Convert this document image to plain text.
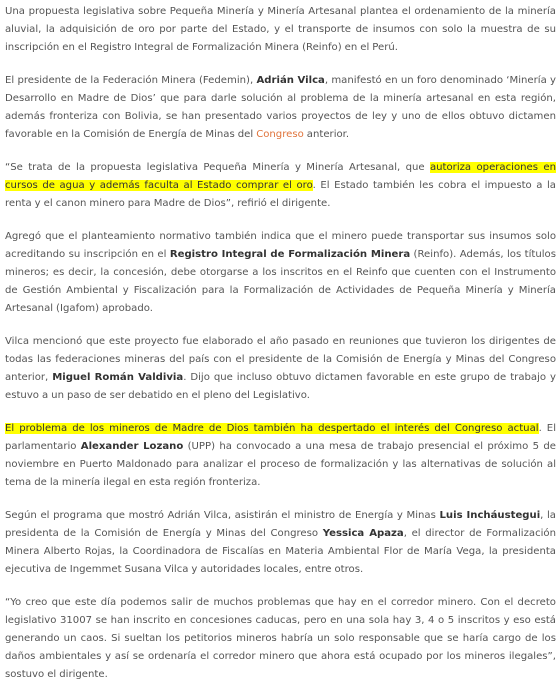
Una propuesta legislativa sobre Pequeña Minería y Minería Artesanal plantea el ordenamiento de la minería aluvial, la adquisición de oro por parte del Estado, y el transporte de insumos con solo la muestra de su inscripción en el Registro Integral de Formalización Minera (Reinfo) en el Perú.

El presidente de la Federación Minera (Fedemin), Adrián Vilca, manifestó en un foro denominado ‘Minería y Desarrollo en Madre de Dios’ que para darle solución al problema de la minería artesanal en esta región, además fronteriza con Bolivia, se han presentado varios proyectos de ley y uno de ellos obtuvo dictamen favorable en la Comisión de Energía de Minas del Congreso anterior.

“Se trata de la propuesta legislativa Pequeña Minería y Minería Artesanal, que autoriza operaciones en cursos de agua y además faculta al Estado comprar el oro. El Estado también les cobra el impuesto a la renta y el canon minero para Madre de Dios”, refirió el dirigente.

Agregó que el planteamiento normativo también indica que el minero puede transportar sus insumos solo acreditando su inscripción en el Registro Integral de Formalización Minera (Reinfo). Además, los títulos mineros; es decir, la concesión, debe otorgarse a los inscritos en el Reinfo que cuenten con el Instrumento de Gestión Ambiental y Fiscalización para la Formalización de Actividades de Pequeña Minería y Minería Artesanal (Igafom) aprobado.

Vilca mencionó que este proyecto fue elaborado el año pasado en reuniones que tuvieron los dirigentes de todas las federaciones mineras del país con el presidente de la Comisión de Energía y Minas del Congreso anterior, Miguel Román Valdivia. Dijo que incluso obtuvo dictamen favorable en este grupo de trabajo y estuvo a un paso de ser debatido en el pleno del Legislativo.

El problema de los mineros de Madre de Dios también ha despertado el interés del Congreso actual. El parlamentario Alexander Lozano (UPP) ha convocado a una mesa de trabajo presencial el próximo 5 de noviembre en Puerto Maldonado para analizar el proceso de formalización y las alternativas de solución al tema de la minería ilegal en esta región fronteriza.

Según el programa que mostró Adrián Vilca, asistirán el ministro de Energía y Minas Luis Incháustegui, la presidenta de la Comisión de Energía y Minas del Congreso Yessica Apaza, el director de Formalización Minera Alberto Rojas, la Coordinadora de Fiscalías en Materia Ambiental Flor de María Vega, la presidenta ejecutiva de Ingemmet Susana Vilca y autoridades locales, entre otros.

“Yo creo que este día podemos salir de muchos problemas que hay en el corredor minero. Con el decreto legislativo 31007 se han inscrito en concesiones caducas, pero en una sola hay 3, 4 o 5 inscritos y eso está generando un caos. Si sueltan los petitorios mineros habría un solo responsable que se haría cargo de los daños ambientales y así se ordenaría el corredor minero que ahora está ocupado por los mineros ilegales”, sostuvo el dirigente.
